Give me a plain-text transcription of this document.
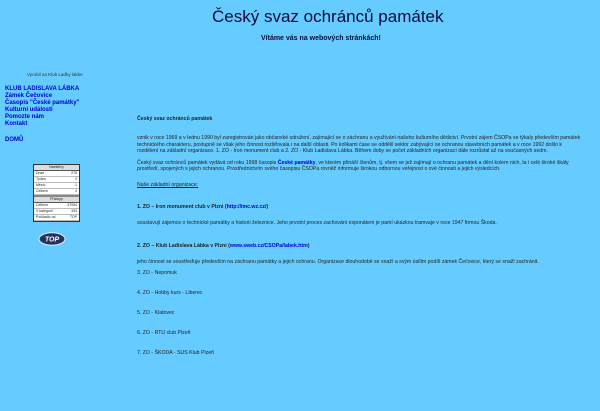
Český svaz ochránců památek
Vítáme vás na webových stránkách!
Vyrobil na Klub Laďky lakbe
KLUB LADISLAVA LÁBKA
Zámek Čečovice
Časopis "České památky"
Kulturní události
Pomozte nám
Kontakt
DOMŮ
Návštěvy
Dnes	275
Týden	2
Měsíc	1
Celkem	4
Přístupy
Celkem	37054
V kategorii	333
Počítadlo od	TOP
TOP
Český svaz ochránců památek

vznik v roce 1969 a v lednu 1990 byl zaregistrován jako občanské sdružení, zajímající se o záchranu a využívání našeho kulturního dědictví. Prvotní zájem ČSOPa se týkaly především památek technického charakteru, postupně se však jeho činnost rozšiřovala i na další oblasti. Po kolikami čase se oddělil sektor zabývající se ochranou stavebních památek a v roce 1992 došlo k rozdělení na základní organizace. 1. ZO - Iron monument club a 2. ZO - Klub Ladislava Lábka. Během doby se počet základních organizací dále rozrůstal až na současných sedm.

Český svaz ochránců památek vydává od roku 1998 časopis České památky, ve kterém přináší členům, tj. všem se jež zajímají o ochranu památek a dění kolem nich, ta i celé široké škály prostředí, spojených s jejich ochranou. Prostřednictvím svého časopisu ČSOPa rovněž informuje širokou odbornou veřejnost o své činnosti a jejich výsledcích.

Naše základní organizace:
1. ZO – Iron monument club v Plzni (http://imc.wz.cz/)

soustavují zájemce o technické památky a historii železnice. Jeho prvotní proces zachování exponátem je pamí ukázkou tramvaje v roce 1947 firmou Škoda.

2. ZO – Klub Ladislava Lábka v Plzni (www.sweb.cz/CSOPa/labek.htm)

jeho činnost se soustřeďuje především na záchranu památky a jejich ochranu. Organizace dlouhodobě se snaží a svým úsilím podílí zámek Čečovice, který se snaží zachránit.

3. ZO - Nepomuk
4. ZO - Hobby kurs - Liberec
5. ZO - Klatovec
6. ZO - RTU club Plzeň
7. ZO - ŠKODA - SUS Klub Plzeň
